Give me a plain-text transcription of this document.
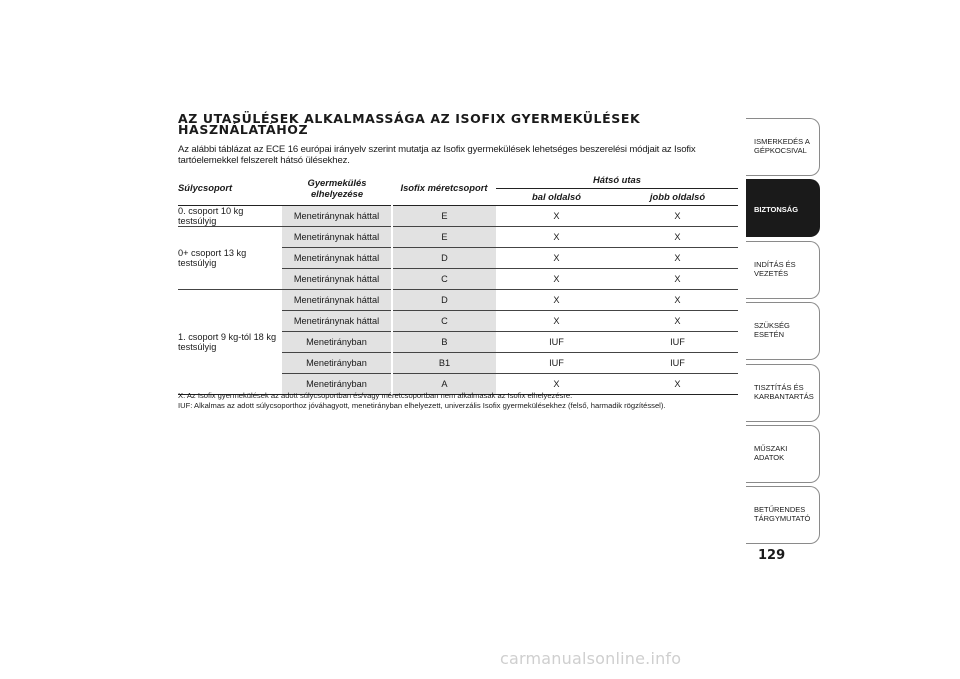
AZ UTASÜLÉSEK ALKALMASSÁGA AZ ISOFIX GYERMEKÜLÉSEK HASZNÁLATÁHOZ

Az alábbi táblázat az ECE 16 európai irányelv szerint mutatja az Isofix gyermekülések lehetséges beszerelési módjait az Isofix tartóelemekkel felszerelt hátsó ülésekhez.

Súlycsoport	Gyermekülés elhelyezése	Isofix méretcsoport	Hátsó utas	
			bal oldalsó	jobb oldalsó
0. csoport 10 kg testsúlyig	Menetiránynak háttal	E	X	X
0+ csoport 13 kg testsúlyig	Menetiránynak háttal	E	X	X
	Menetiránynak háttal	D	X	X
	Menetiránynak háttal	C	X	X
1. csoport 9 kg-tól 18 kg testsúlyig	Menetiránynak háttal	D	X	X
	Menetiránynak háttal	C	X	X
	Menetirányban	B	IUF	IUF
	Menetirányban	B1	IUF	IUF
	Menetirányban	A	X	X

X: Az Isofix gyermekülések az adott súlycsoportban és/vagy méretcsoportban nem alkalmasak az Isofix elhelyezésre.

IUF: Alkalmas az adott súlycsoporthoz jóváhagyott, menetirányban elhelyezett, univerzális Isofix gyermekülésekhez (felső, harmadik rögzítéssel).

ISMERKEDÉS A GÉPKOCSIVAL
BIZTONSÁG
INDÍTÁS ÉS VEZETÉS
SZÜKSÉG ESETÉN
TISZTÍTÁS ÉS KARBANTARTÁS
MŰSZAKI ADATOK
BETŰRENDES TÁRGYMUTATÓ
129
carmanualsonline.info
